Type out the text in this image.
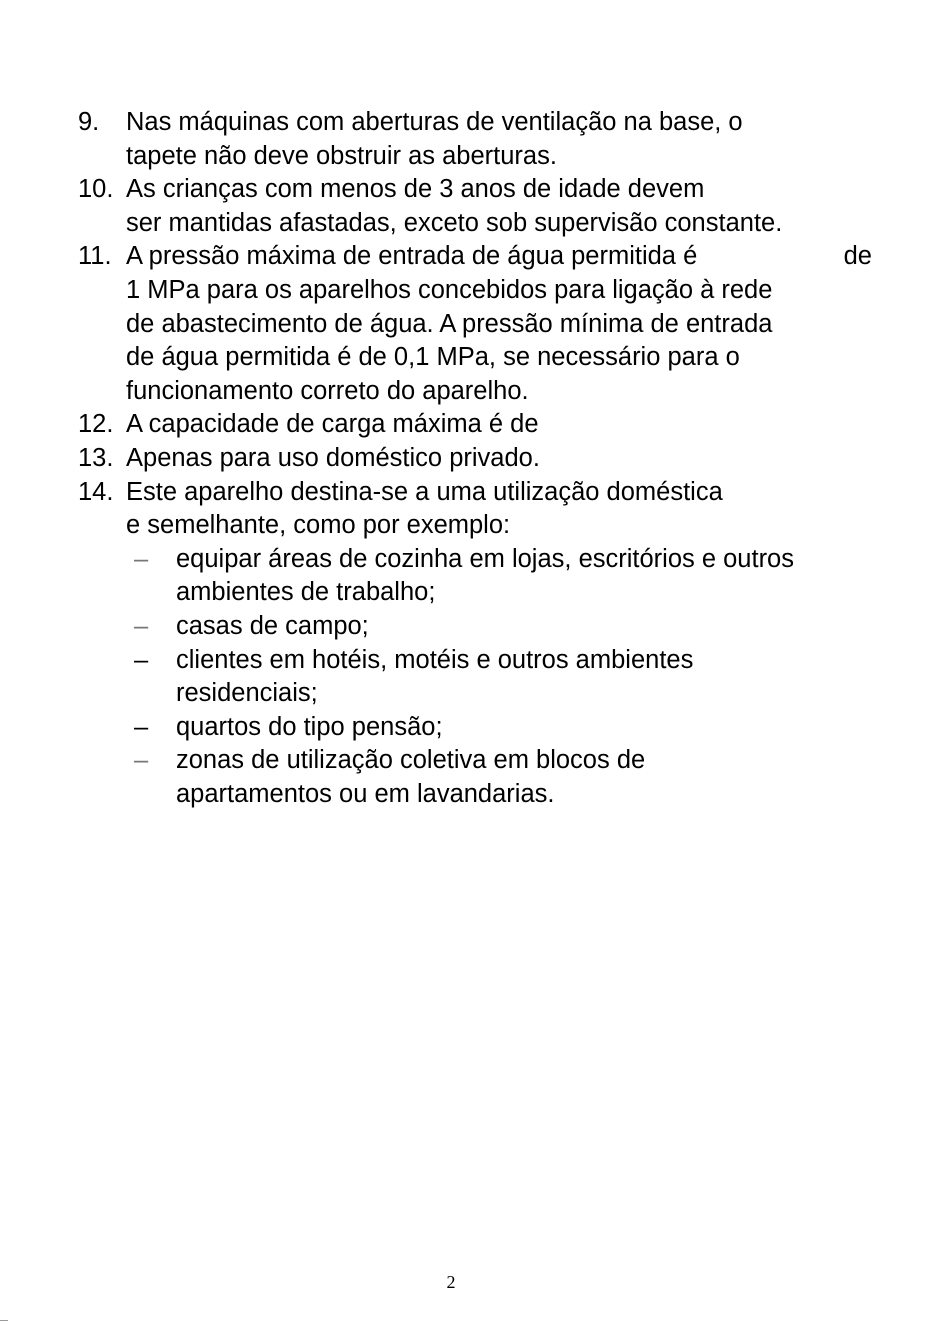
9. Nas máquinas com aberturas de ventilação na base, o
tapete não deve obstruir as aberturas.
10. As crianças com menos de 3 anos de idade devem
ser mantidas afastadas, exceto sob supervisão constante.
11. A pressão máxima de entrada de água permitida é	de
1 MPa para os aparelhos concebidos para ligação à rede
de abastecimento de água. A pressão mínima de entrada
de água permitida é de 0,1 MPa, se necessário para o
funcionamento correto do aparelho.
12. A capacidade de carga máxima é de
13. Apenas para uso doméstico privado.
14. Este aparelho destina-se a uma utilização doméstica
e semelhante, como por exemplo:
– equipar áreas de cozinha em lojas, escritórios e outros
ambientes de trabalho;
– casas de campo;
– clientes em hotéis, motéis e outros ambientes
residenciais;
– quartos do tipo pensão;
– zonas de utilização coletiva em blocos de
apartamentos ou em lavandarias.
2
